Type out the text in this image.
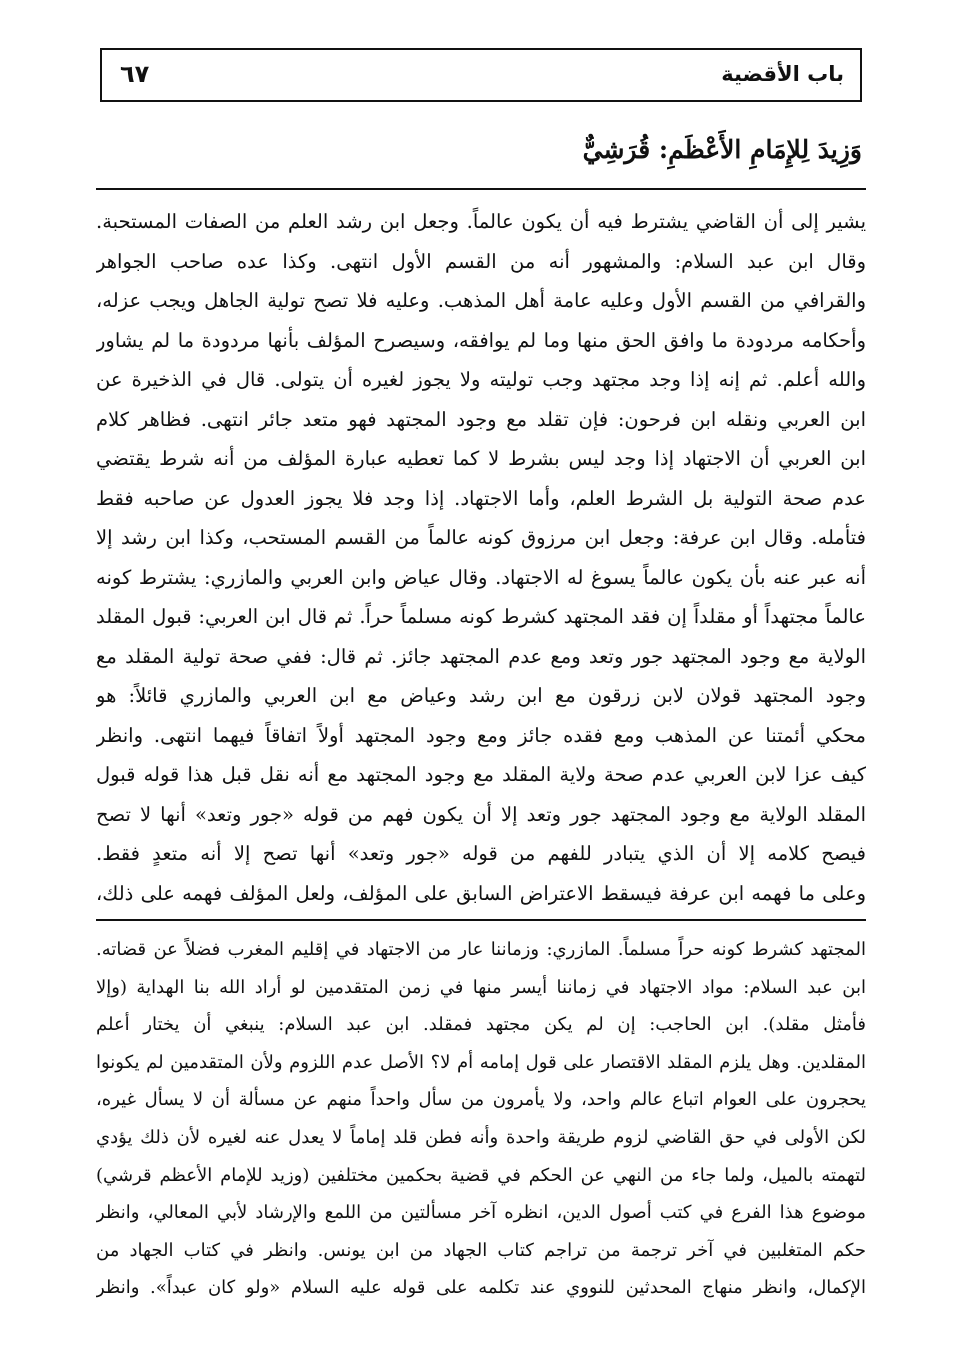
باب الأقضية
٦٧
وَزِيدَ لِلإِمَامِ الأَعْظَمِ: قُرَشِيٌّ
يشير إلى أن القاضي يشترط فيه أن يكون عالماً. وجعل ابن رشد العلم من الصفات المستحبة.
وقال ابن عبد السلام: والمشهور أنه من القسم الأول انتهى. وكذا عده صاحب الجواهر
والقرافي من القسم الأول وعليه عامة أهل المذهب. وعليه فلا تصح تولية الجاهل ويجب عزله،
وأحكامه مردودة ما وافق الحق منها وما لم يوافقه، وسيصرح المؤلف بأنها مردودة ما لم يشاور
والله أعلم. ثم إنه إذا وجد مجتهد وجب توليته ولا يجوز لغيره أن يتولى. قال في الذخيرة عن
ابن العربي ونقله ابن فرحون: فإن تقلد مع وجود المجتهد فهو متعد جائر انتهى. فظاهر كلام
ابن العربي أن الاجتهاد إذا وجد ليس بشرط لا كما تعطيه عبارة المؤلف من أنه شرط يقتضي
عدم صحة التولية بل الشرط العلم، وأما الاجتهاد. إذا وجد فلا يجوز العدول عن صاحبه فقط
فتأمله. وقال ابن عرفة: وجعل ابن مرزوق كونه عالماً من القسم المستحب، وكذا ابن رشد إلا
أنه عبر عنه بأن يكون عالماً يسوغ له الاجتهاد. وقال عياض وابن العربي والمازري: يشترط كونه
عالماً مجتهداً أو مقلداً إن فقد المجتهد كشرط كونه مسلماً حراً. ثم قال ابن العربي: قبول المقلد
الولاية مع وجود المجتهد جور وتعد ومع عدم المجتهد جائز. ثم قال: ففي صحة تولية المقلد مع
وجود المجتهد قولان لابن زرقون مع ابن رشد وعياض مع ابن العربي والمازري قائلاً: هو
محكي أئمتنا عن المذهب ومع فقده جائز ومع وجود المجتهد أولاً اتفاقاً فيهما انتهى. وانظر
كيف عزا لابن العربي عدم صحة ولاية المقلد مع وجود المجتهد مع أنه نقل قبل هذا قوله قبول
المقلد الولاية مع وجود المجتهد جور وتعد إلا أن يكون فهم من قوله «جور وتعد» أنها لا تصح
فيصح كلامه إلا أن الذي يتبادر للفهم من قوله «جور وتعد» أنها تصح إلا أنه متعدٍ فقط.
وعلى ما فهمه ابن عرفة فيسقط الاعتراض السابق على المؤلف، ولعل المؤلف فهمه على ذلك،
المجتهد كشرط كونه حراً مسلماً. المازري: وزماننا عار من الاجتهاد في إقليم المغرب فضلاً عن قضاته.
ابن عبد السلام: مواد الاجتهاد في زماننا أيسر منها في زمن المتقدمين لو أراد الله بنا الهداية (وإلا
فأمثل مقلد). ابن الحاجب: إن لم يكن مجتهد فمقلد. ابن عبد السلام: ينبغي أن يختار أعلم
المقلدين. وهل يلزم المقلد الاقتصار على قول إمامه أم لا؟ الأصل عدم اللزوم ولأن المتقدمين لم يكونوا
يحجرون على العوام اتباع عالم واحد، ولا يأمرون من سأل واحداً منهم عن مسألة أن لا يسأل غيره،
لكن الأولى في حق القاضي لزوم طريقة واحدة وأنه فطن قلد إماماً لا يعدل عنه لغيره لأن ذلك يؤدي
لتهمته بالميل، ولما جاء من النهي عن الحكم في قضية بحكمين مختلفين (وزيد للإمام الأعظم قرشي)
موضوع هذا الفرع في كتب أصول الدين، انظره آخر مسألتين من اللمع والإرشاد لأبي المعالي، وانظر
حكم المتغلبين في آخر ترجمة من تراجم كتاب الجهاد من ابن يونس. وانظر في كتاب الجهاد من
الإكمال، وانظر منهاج المحدثين للنووي عند تكلمه على قوله عليه السلام «ولو كان عبداً». وانظر
